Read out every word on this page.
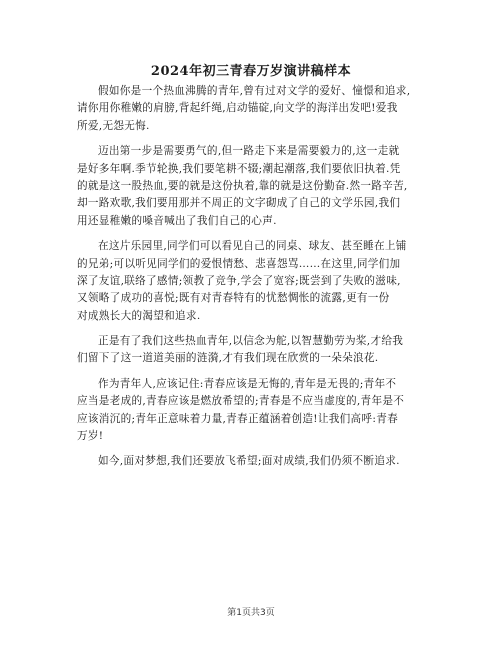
2024年初三青春万岁演讲稿样本
假如你是一个热血沸腾的青年,曾有过对文学的爱好、憧憬和追求,
请你用你稚嫩的肩膀,背起纤绳,启动锚碇,向文学的海洋出发吧!爱我
所爱,无怨无悔.
迈出第一步是需要勇气的,但一路走下来是需要毅力的,这一走就
是好多年啊.季节轮换,我们要笔耕不辍;潮起潮落,我们要依旧执着.凭
的就是这一股热血,要的就是这份执着,靠的就是这份勤奋.然一路辛苦,
却一路欢歌,我们要用那并不周正的文字砌成了自己的文学乐园,我们
用还显稚嫩的嗓音喊出了我们自己的心声.
在这片乐园里,同学们可以看见自己的同桌、球友、甚至睡在上铺
的兄弟;可以听见同学们的爱恨情愁、悲喜怨骂……在这里,同学们加
深了友谊,联络了感情;领教了竞争,学会了宽容;既尝到了失败的滋味,
又领略了成功的喜悦;既有对青春特有的忧愁惆怅的流露,更有一份
对成熟长大的渴望和追求.
正是有了我们这些热血青年,以信念为舵,以智慧勤劳为桨,才给我
们留下了这一道道美丽的涟漪,才有我们现在欣赏的一朵朵浪花.
作为青年人,应该记住:青春应该是无悔的,青年是无畏的;青年不
应当是老成的,青春应该是燃放希望的;青春是不应当虚度的,青年是不
应该消沉的;青年正意味着力量,青春正蕴涵着创造!让我们高呼:青春
万岁!
如今,面对梦想,我们还要放飞希望;面对成绩,我们仍须不断追求.
第1页共3页
